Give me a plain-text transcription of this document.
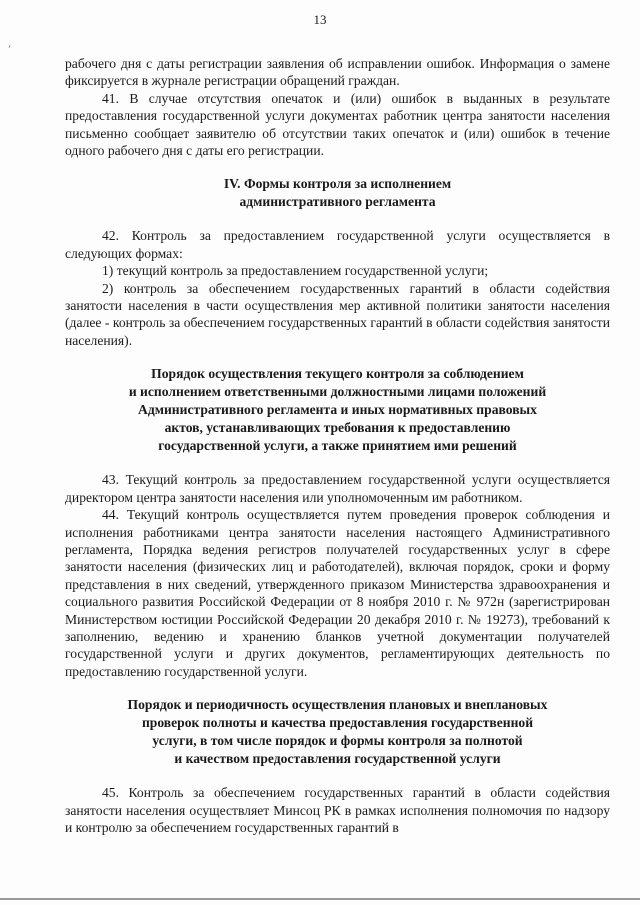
13
ʼ

рабочего дня с даты регистрации заявления об исправлении ошибок. Информация о замене фиксируется в журнале регистрации обращений граждан.

41. В случае отсутствия опечаток и (или) ошибок в выданных в результате предоставления государственной услуги документах работник центра занятости населения письменно сообщает заявителю об отсутствии таких опечаток и (или) ошибок в течение одного рабочего дня с даты его регистрации.

IV. Формы контроля за исполнением
административного регламента

42. Контроль за предоставлением государственной услуги осуществляется в следующих формах:

1) текущий контроль за предоставлением государственной услуги;

2) контроль за обеспечением государственных гарантий в области содействия занятости населения в части осуществления мер активной политики занятости населения (далее - контроль за обеспечением государственных гарантий в области содействия занятости населения).

Порядок осуществления текущего контроля за соблюдением
и исполнением ответственными должностными лицами положений
Административного регламента и иных нормативных правовых
актов, устанавливающих требования к предоставлению
государственной услуги, а также принятием ими решений

43. Текущий контроль за предоставлением государственной услуги осуществляется директором центра занятости населения или уполномоченным им работником.

44. Текущий контроль осуществляется путем проведения проверок соблюдения и исполнения работниками центра занятости населения настоящего Административного регламента, Порядка ведения регистров получателей государственных услуг в сфере занятости населения (физических лиц и работодателей), включая порядок, сроки и форму представления в них сведений, утвержденного приказом Министерства здравоохранения и социального развития Российской Федерации от 8 ноября 2010 г. № 972н (зарегистрирован Министерством юстиции Российской Федерации 20 декабря 2010 г. № 19273), требований к заполнению, ведению и хранению бланков учетной документации получателей государственной услуги и других документов, регламентирующих деятельность по предоставлению государственной услуги.

Порядок и периодичность осуществления плановых и внеплановых
проверок полноты и качества предоставления государственной
услуги, в том числе порядок и формы контроля за полнотой
и качеством предоставления государственной услуги

45. Контроль за обеспечением государственных гарантий в области содействия занятости населения осуществляет Минсоц РК в рамках исполнения полномочия по надзору и контролю за обеспечением государственных гарантий в
